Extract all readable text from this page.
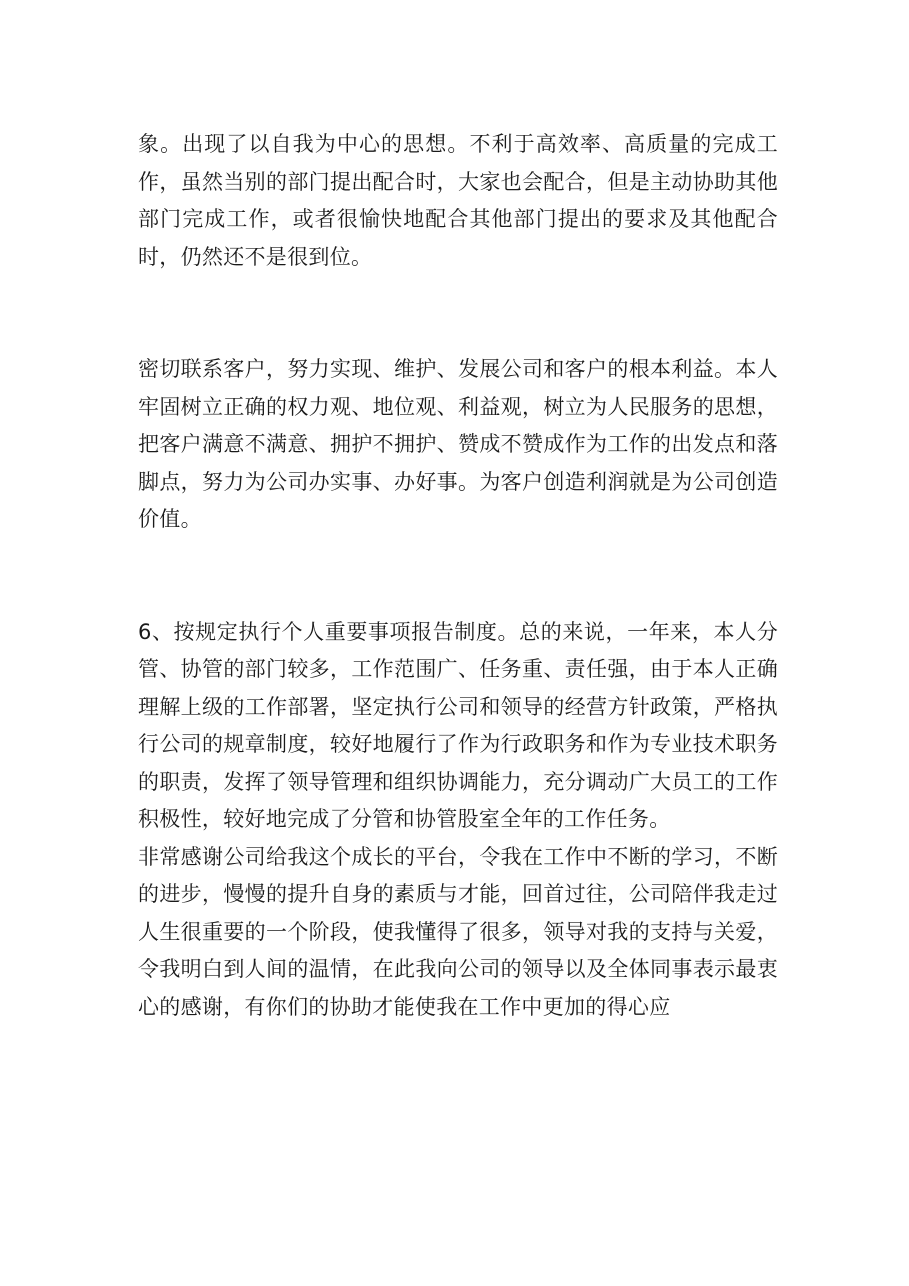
象。出现了以自我为中心的思想。不利于高效率、高质量的完成工作，虽然当别的部门提出配合时，大家也会配合，但是主动协助其他部门完成工作，或者很愉快地配合其他部门提出的要求及其他配合时，仍然还不是很到位。

密切联系客户，努力实现、维护、发展公司和客户的根本利益。本人牢固树立正确的权力观、地位观、利益观，树立为人民服务的思想，把客户满意不满意、拥护不拥护、赞成不赞成作为工作的出发点和落脚点，努力为公司办实事、办好事。为客户创造利润就是为公司创造价值。

6、按规定执行个人重要事项报告制度。总的来说，一年来，本人分管、协管的部门较多，工作范围广、任务重、责任强，由于本人正确理解上级的工作部署，坚定执行公司和领导的经营方针政策，严格执行公司的规章制度，较好地履行了作为行政职务和作为专业技术职务的职责，发挥了领导管理和组织协调能力，充分调动广大员工的工作积极性，较好地完成了分管和协管股室全年的工作任务。

非常感谢公司给我这个成长的平台，令我在工作中不断的学习，不断的进步，慢慢的提升自身的素质与才能，回首过往，公司陪伴我走过人生很重要的一个阶段，使我懂得了很多，领导对我的支持与关爱，令我明白到人间的温情，在此我向公司的领导以及全体同事表示最衷心的感谢，有你们的协助才能使我在工作中更加的得心应
